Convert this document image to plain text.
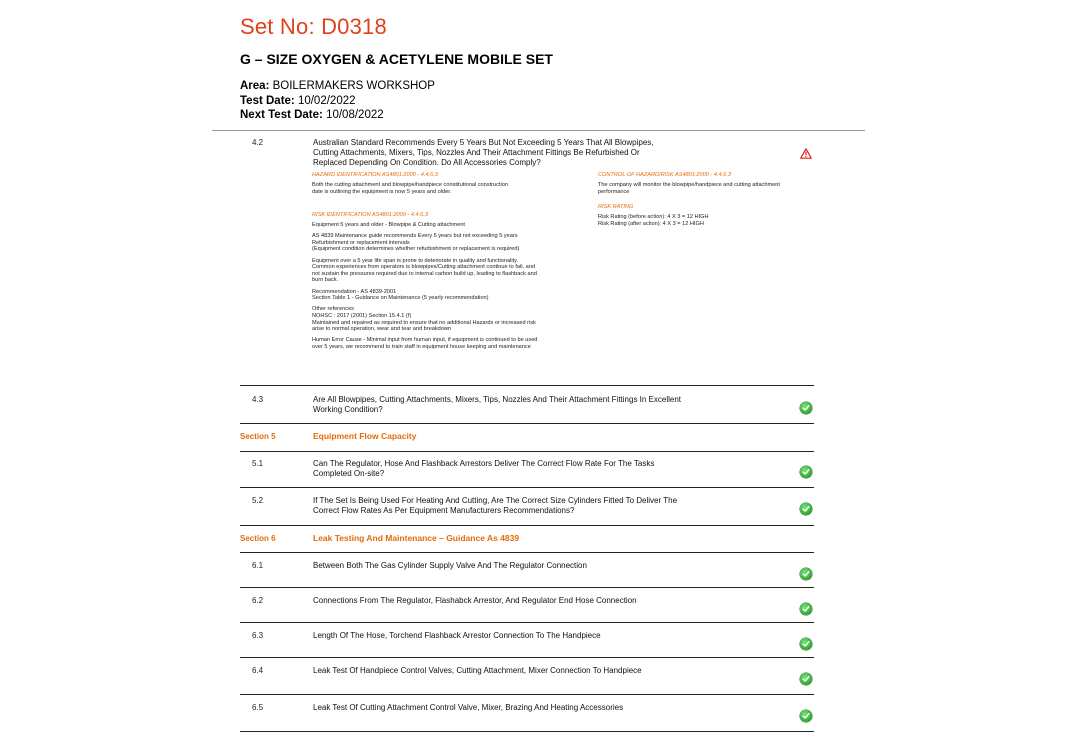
Set No: D0318
G – SIZE OXYGEN & ACETYLENE MOBILE SET
Area: BOILERMAKERS WORKSHOP
Test Date: 10/02/2022
Next Test Date: 10/08/2022
4.2	Australian Standard Recommends Every 5 Years But Not Exceeding 5 Years That All Blowpipes, Cutting Attachments, Mixers, Tips, Nozzles And Their Attachment Fittings Be Refurbished Or Replaced Depending On Condition. Do All Accessories Comply?
HAZARD IDENTIFICATION AS4801:2000 - 4.4.6.3
Both the cutting attachment and blowpipe/handpiece constitutional construction date is outlining the equipment is now 5 years and older.
RISK IDENTIFICATION AS4801:2000 - 4.4.6.3

Equipment 5 years and older - Blowpipe & Cutting attachment

AS 4839 Maintenance guide recommends Every 5 years but not exceeding 5 years Refurbishment or replacement intervals
(Equipment condition determines whether refurbishment or replacement is required)

Equipment over a 5 year life span is prone to deteriorate in quality and functionality. Common experiences from operators is blowpipes/Cutting attachment continue to fail, and not sustain the pressures required due to internal carbon build up, leading to flashback and burn back.

Recommendation - AS 4839-2001
Section Table 1 - Guidance on Maintenance (5 yearly recommendation)

Other references
NOHSC : 2017 (2001) Section 15.4.1 (f)
Maintained and repaired as required to ensure that no additional Hazards or increased risk arise to normal operation, wear and tear and breakdown

Human Error Cause - Minimal input from human input, if equipment is continued to be used over 5 years, we recommend to train staff in equipment house keeping and maintenance

CONTROL OF HAZARD/RISK AS4801:2000 - 4.4.6.3
The company will monitor the blowpipe/handpiece and cutting attachment performance
RISK RATING
Risk Rating (before action): 4 X 3 = 12 HIGH
Risk Rating (after action): 4 X 3 = 12 HIGH
4.3	Are All Blowpipes, Cutting Attachments, Mixers, Tips, Nozzles And Their Attachment Fittings In Excellent Working Condition?
Section 5	Equipment Flow Capacity
5.1	Can The Regulator, Hose And Flashback Arrestors Deliver The Correct Flow Rate For The Tasks Completed On-site?
5.2	If The Set Is Being Used For Heating And Cutting, Are The Correct Size Cylinders Fitted To Deliver The Correct Flow Rates As Per Equipment Manufacturers Recommendations?
Section 6	Leak Testing And Maintenance – Guidance As 4839
6.1	Between Both The Gas Cylinder Supply Valve And The Regulator Connection
6.2	Connections From The Regulator, Flashabck Arrestor, And Regulator End Hose Connection
6.3	Length Of The Hose, Torchend Flashback Arrestor Connection To The Handpiece
6.4	Leak Test Of Handpiece Control Valves, Cutting Attachment, Mixer Connection To Handpiece
6.5	Leak Test Of Cutting Attachment Control Valve, Mixer, Brazing And Heating Accessories
